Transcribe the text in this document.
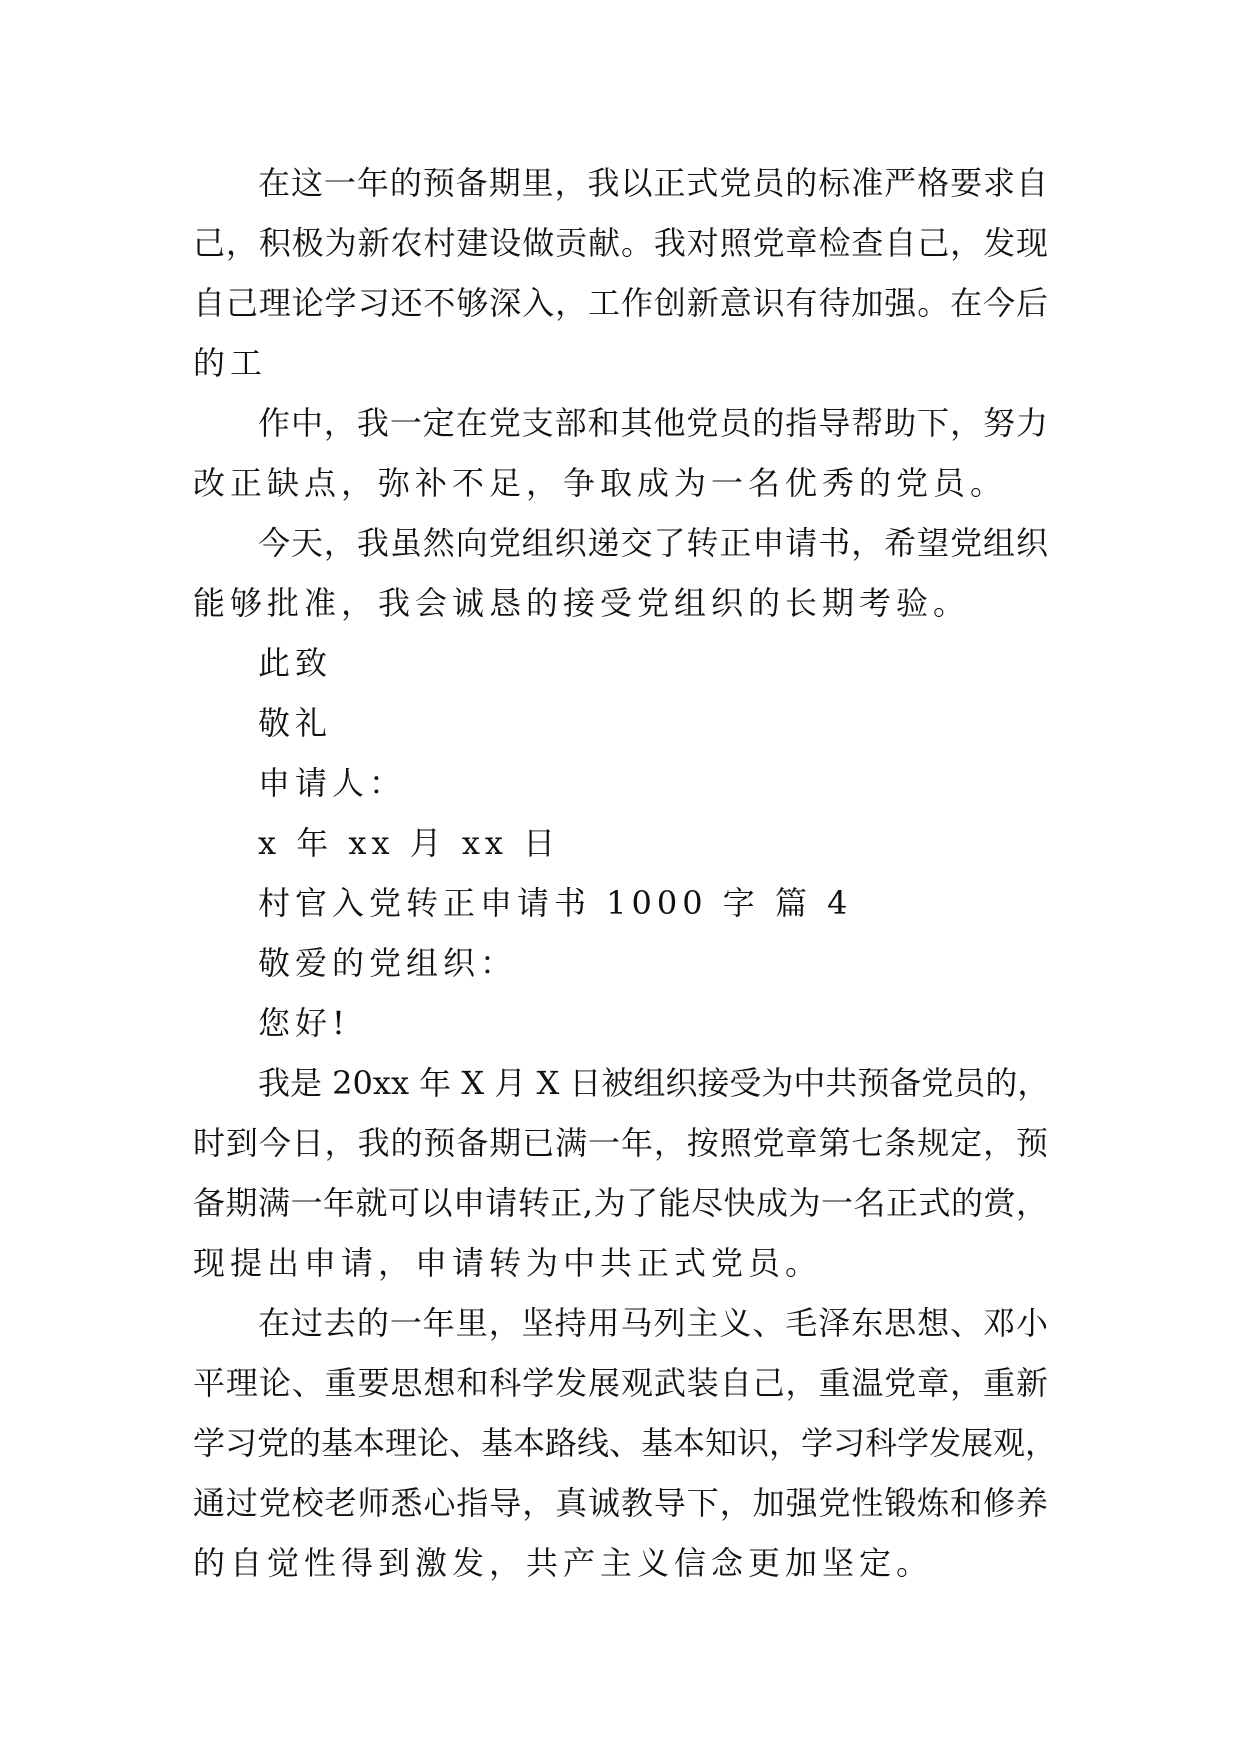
在这一年的预备期里，我以正式党员的标准严格要求自
己，积极为新农村建设做贡献。我对照党章检查自己，发现
自己理论学习还不够深入，工作创新意识有待加强。在今后
的工
作中，我一定在党支部和其他党员的指导帮助下，努力
改正缺点，弥补不足，争取成为一名优秀的党员。
今天，我虽然向党组织递交了转正申请书，希望党组织
能够批准，我会诚恳的接受党组织的长期考验。
此致
敬礼
申请人：
x 年 xx 月 xx 日
村官入党转正申请书 1000 字 篇 4
敬爱的党组织：
您好!
我是 20xx 年 X 月 X 日被组织接受为中共预备党员的，
时到今日，我的预备期已满一年，按照党章第七条规定，预
备期满一年就可以申请转正,为了能尽快成为一名正式的赏，
现提出申请，申请转为中共正式党员。
在过去的一年里，坚持用马列主义、毛泽东思想、邓小
平理论、重要思想和科学发展观武装自己，重温党章，重新
学习党的基本理论、基本路线、基本知识，学习科学发展观，
通过党校老师悉心指导，真诚教导下，加强党性锻炼和修养
的自觉性得到激发，共产主义信念更加坚定。
